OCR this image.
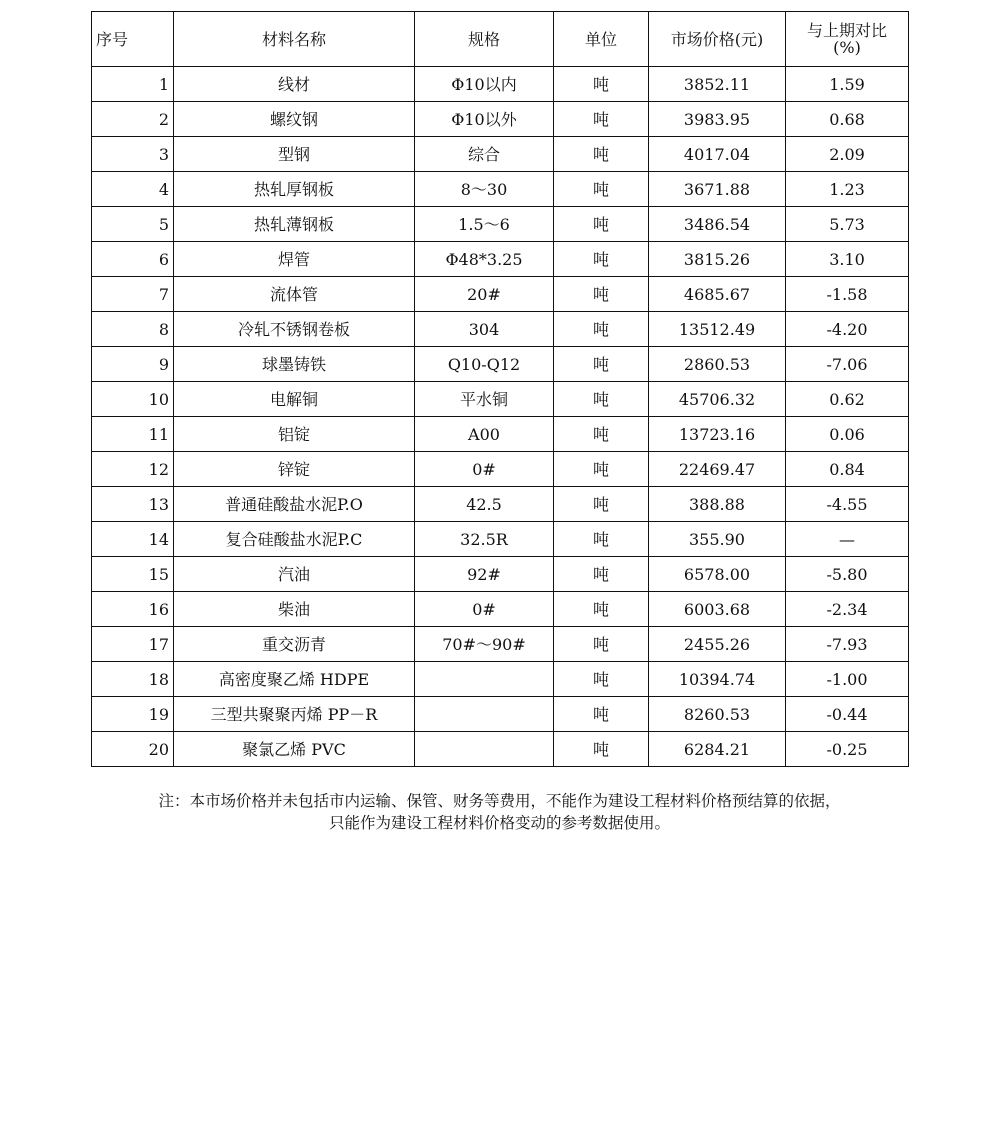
序号	材料名称	规格	单位	市场价格(元)	与上期对比
(%)

1	线材	Φ10以内	吨	3852.11	1.59
2	螺纹钢	Φ10以外	吨	3983.95	0.68
3	型钢	综合	吨	4017.04	2.09
4	热轧厚钢板	8～30	吨	3671.88	1.23
5	热轧薄钢板	1.5～6	吨	3486.54	5.73
6	焊管	Φ48*3.25	吨	3815.26	3.10
7	流体管	20#	吨	4685.67	-1.58
8	冷轧不锈钢卷板	304	吨	13512.49	-4.20
9	球墨铸铁	Q10-Q12	吨	2860.53	-7.06
10	电解铜	平水铜	吨	45706.32	0.62
11	铝锭	A00	吨	13723.16	0.06
12	锌锭	0#	吨	22469.47	0.84
13	普通硅酸盐水泥P.O	42.5	吨	388.88	-4.55
14	复合硅酸盐水泥P.C	32.5R	吨	355.90	—
15	汽油	92#	吨	6578.00	-5.80
16	柴油	0#	吨	6003.68	-2.34
17	重交沥青	70#～90#	吨	2455.26	-7.93
18	高密度聚乙烯 HDPE		吨	10394.74	-1.00
19	三型共聚聚丙烯 PP－R		吨	8260.53	-0.44
20	聚氯乙烯 PVC		吨	6284.21	-0.25
注：本市场价格并未包括市内运输、保管、财务等费用，不能作为建设工程材料价格预结算的依据，
只能作为建设工程材料价格变动的参考数据使用。
